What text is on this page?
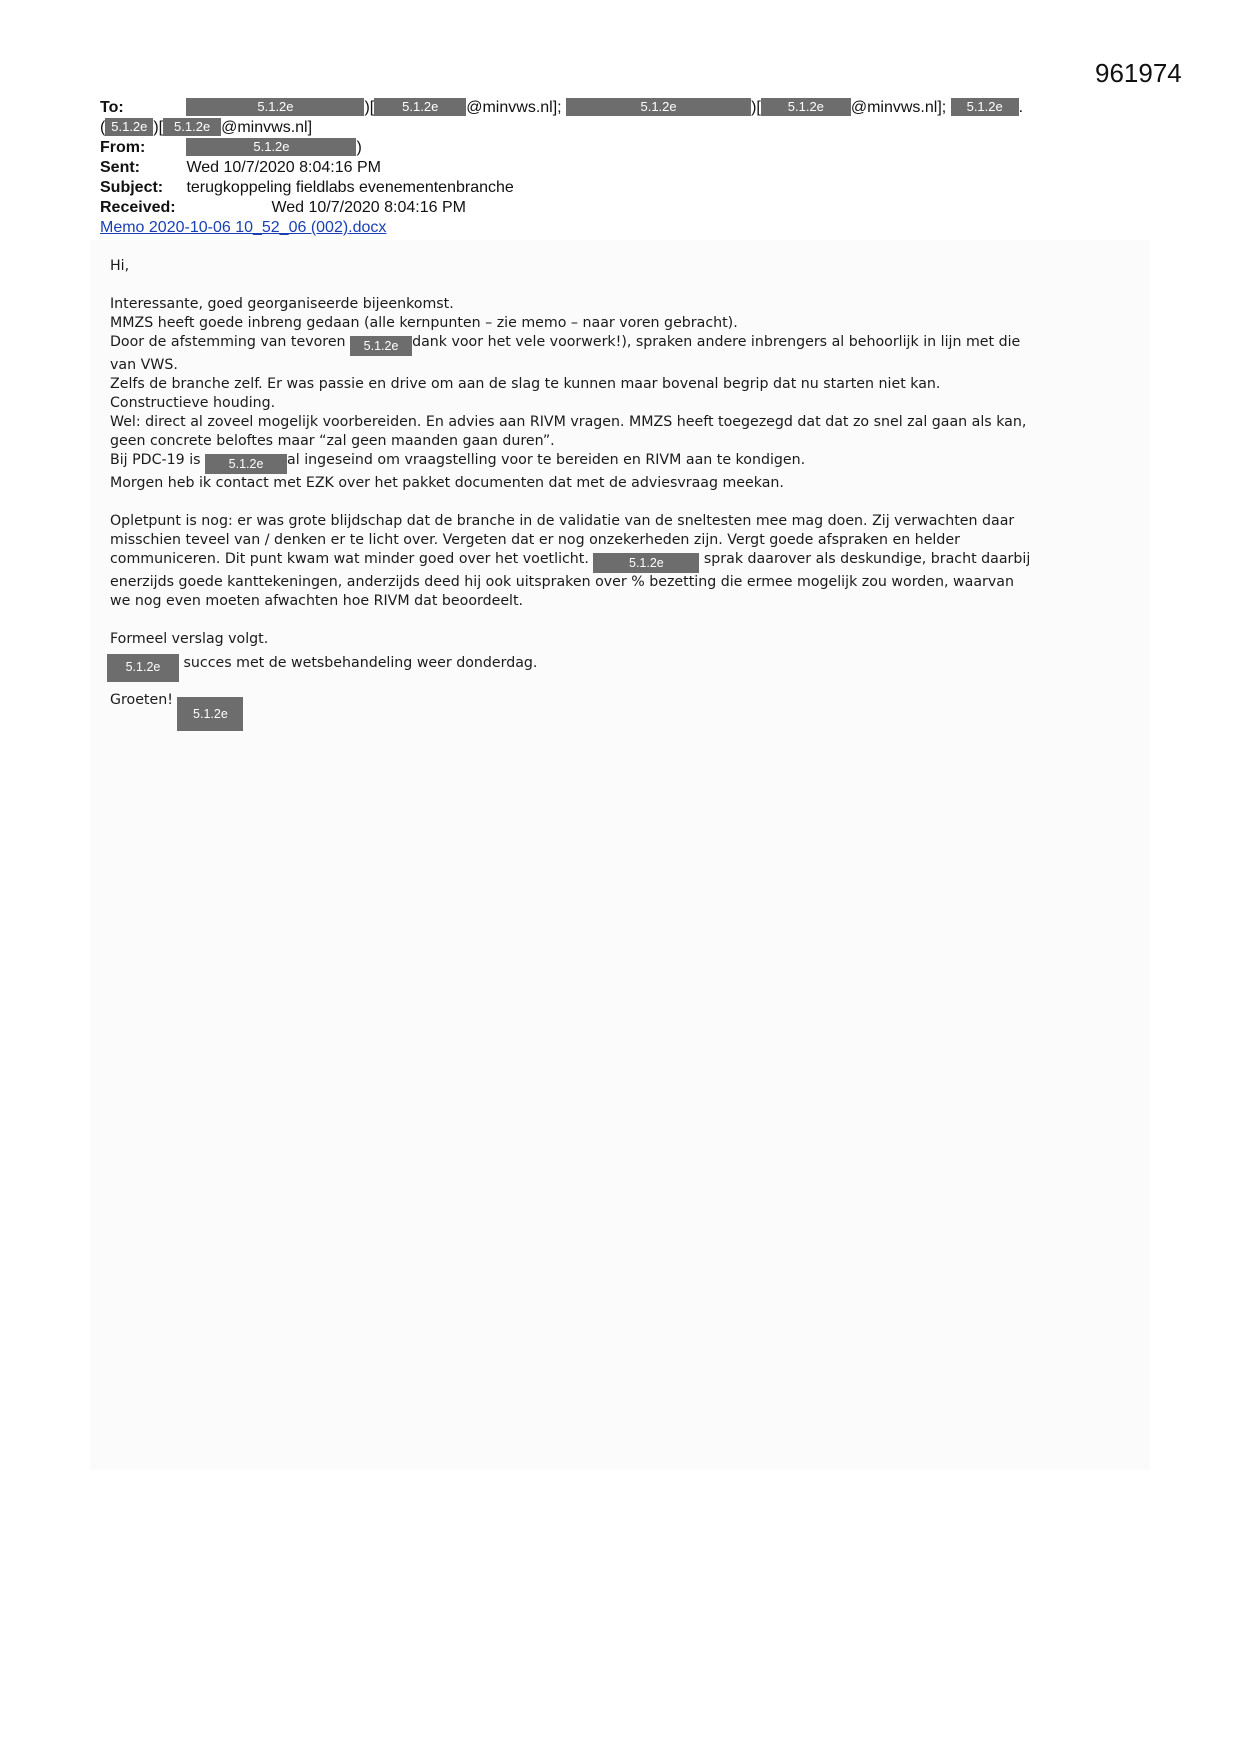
961974
To:	5.1.2e	)[ 5.1.2e @minvws.nl];	5.1.2e	)[ 5.1.2e @minvws.nl]; 5.1.2e .
( 5.1.2e )[ 5.1.2e @minvws.nl]
From:	5.1.2e	)
Sent:	Wed 10/7/2020 8:04:16 PM
Subject: terugkoppeling fieldlabs evenementenbranche
Received:	Wed 10/7/2020 8:04:16 PM
Memo 2020-10-06 10_52_06 (002).docx

Hi,

Interessante, goed georganiseerde bijeenkomst.

MMZS heeft goede inbreng gedaan (alle kernpunten – zie memo – naar voren gebracht).

Door de afstemming van tevoren 5.1.2e dank voor het vele voorwerk!), spraken andere inbrengers al behoorlijk in lijn met die

van VWS.

Zelfs de branche zelf. Er was passie en drive om aan de slag te kunnen maar bovenal begrip dat nu starten niet kan.

Constructieve houding.

Wel: direct al zoveel mogelijk voorbereiden. En advies aan RIVM vragen. MMZS heeft toegezegd dat dat zo snel zal gaan als kan,

geen concrete beloftes maar “zal geen maanden gaan duren”.

Bij PDC-19 is 5.1.2e al ingeseind om vraagstelling voor te bereiden en RIVM aan te kondigen.

Morgen heb ik contact met EZK over het pakket documenten dat met de adviesvraag meekan.

Opletpunt is nog: er was grote blijdschap dat de branche in de validatie van de sneltesten mee mag doen. Zij verwachten daar

misschien teveel van / denken er te licht over. Vergeten dat er nog onzekerheden zijn. Vergt goede afspraken en helder

communiceren. Dit punt kwam wat minder goed over het voetlicht.	5.1.2e	sprak daarover als deskundige, bracht daarbij

enerzijds goede kanttekeningen, anderzijds deed hij ook uitspraken over % bezetting die ermee mogelijk zou worden, waarvan

we nog even moeten afwachten hoe RIVM dat beoordeelt.

Formeel verslag volgt.

5.1.2e succes met de wetsbehandeling weer donderdag.
Groeten! 5.1.2e
